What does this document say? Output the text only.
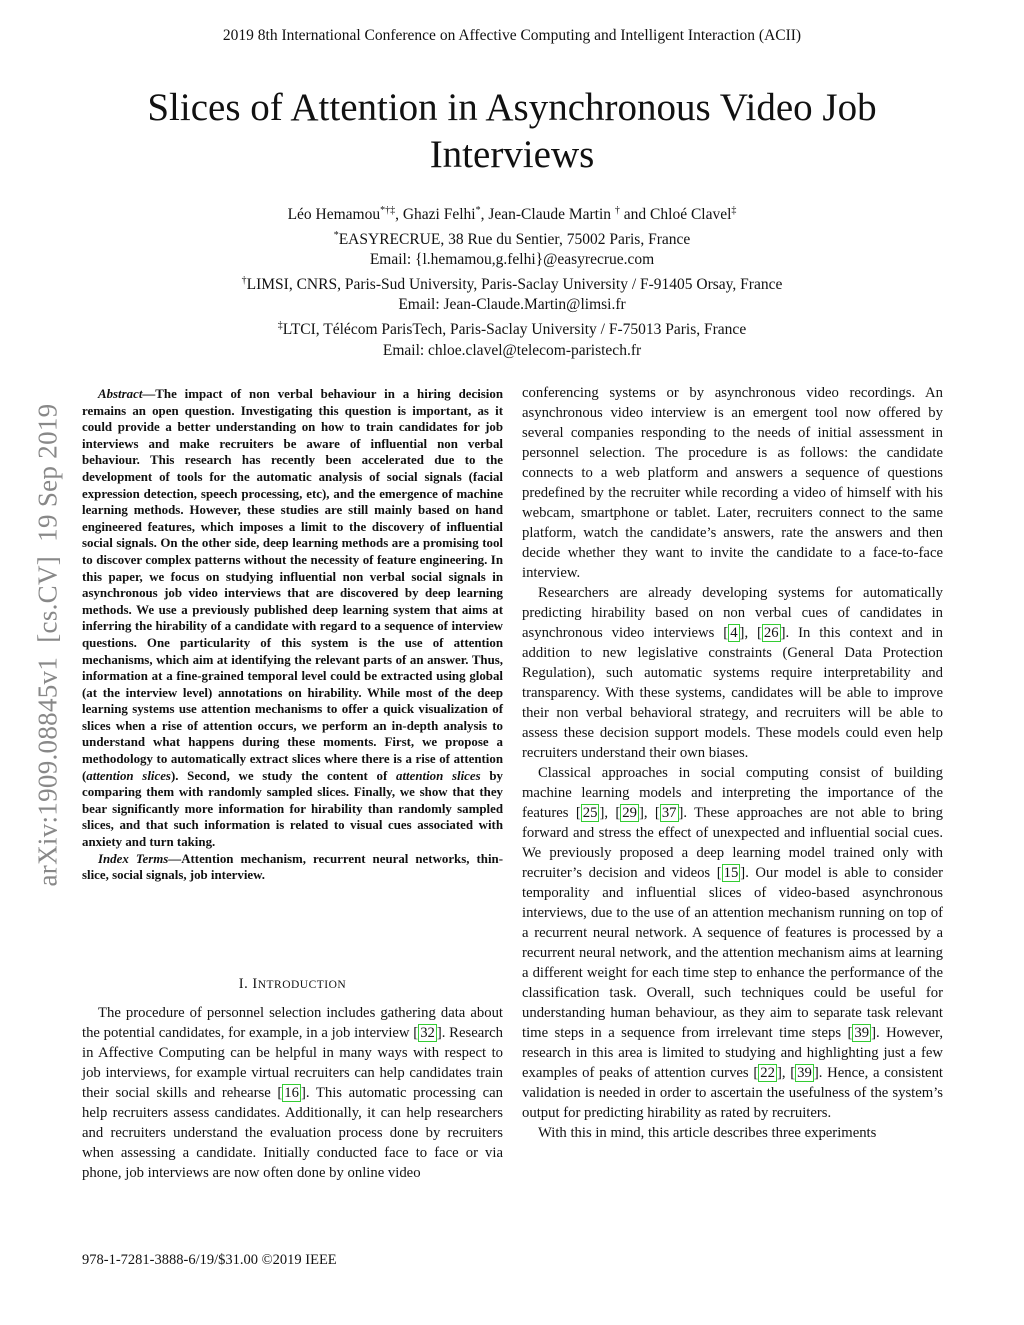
2019 8th International Conference on Affective Computing and Intelligent Interaction (ACII)
Slices of Attention in Asynchronous Video Job Interviews
arXiv:1909.08845v1  [cs.CV]  19 Sep 2019
Léo Hemamou*†‡, Ghazi Felhi*, Jean-Claude Martin † and Chloé Clavel‡
*EASYRECRUE, 38 Rue du Sentier, 75002 Paris, France
Email: {l.hemamou,g.felhi}@easyrecrue.com
†LIMSI, CNRS, Paris-Sud University, Paris-Saclay University / F-91405 Orsay, France
Email: Jean-Claude.Martin@limsi.fr
‡LTCI, Télécom ParisTech, Paris-Saclay University / F-75013 Paris, France
Email: chloe.clavel@telecom-paristech.fr

Abstract—The impact of non verbal behaviour in a hiring decision remains an open question. Investigating this question is important, as it could provide a better understanding on how to train candidates for job interviews and make recruiters be aware of influential non verbal behaviour. This research has recently been accelerated due to the development of tools for the automatic analysis of social signals (facial expression detection, speech processing, etc), and the emergence of machine learning methods. However, these studies are still mainly based on hand engineered features, which imposes a limit to the discovery of influential social signals. On the other side, deep learning methods are a promising tool to discover complex patterns without the necessity of feature engineering. In this paper, we focus on studying influential non verbal social signals in asynchronous job video interviews that are discovered by deep learning methods. We use a previously published deep learning system that aims at inferring the hirability of a candidate with regard to a sequence of interview questions. One particularity of this system is the use of attention mechanisms, which aim at identifying the relevant parts of an answer. Thus, information at a fine-grained temporal level could be extracted using global (at the interview level) annotations on hirability. While most of the deep learning systems use attention mechanisms to offer a quick visualization of slices when a rise of attention occurs, we perform an in-depth analysis to understand what happens during these moments. First, we propose a methodology to automatically extract slices where there is a rise of attention (attention slices). Second, we study the content of attention slices by comparing them with randomly sampled slices. Finally, we show that they bear significantly more information for hirability than randomly sampled slices, and that such information is related to visual cues associated with anxiety and turn taking.

Index Terms—Attention mechanism, recurrent neural networks, thin-slice, social signals, job interview.

I. INTRODUCTION

The procedure of personnel selection includes gathering data about the potential candidates, for example, in a job interview [ 32 ]. Research in Affective Computing can be helpful in many ways with respect to job interviews, for example virtual recruiters can help candidates train their social skills and rehearse [ 16 ]. This automatic processing can help recruiters assess candidates. Additionally, it can help researchers and recruiters understand the evaluation process done by recruiters when assessing a candidate. Initially conducted face to face or via phone, job interviews are now often done by online video

conferencing systems or by asynchronous video recordings. An asynchronous video interview is an emergent tool now offered by several companies responding to the needs of initial assessment in personnel selection. The procedure is as follows: the candidate connects to a web platform and answers a sequence of questions predefined by the recruiter while recording a video of himself with his webcam, smartphone or tablet. Later, recruiters connect to the same platform, watch the candidate’s answers, rate the answers and then decide whether they want to invite the candidate to a face-to-face interview.

Researchers are already developing systems for automatically predicting hirability based on non verbal cues of candidates in asynchronous video interviews [ 4 ], [ 26 ]. In this context and in addition to new legislative constraints (General Data Protection Regulation), such automatic systems require interpretability and transparency. With these systems, candidates will be able to improve their non verbal behavioral strategy, and recruiters will be able to assess these decision support models. These models could even help recruiters understand their own biases.

Classical approaches in social computing consist of building machine learning models and interpreting the importance of the features [ 25 ], [ 29 ], [ 37 ]. These approaches are not able to bring forward and stress the effect of unexpected and influential social cues. We previously proposed a deep learning model trained only with recruiter’s decision and videos [ 15 ]. Our model is able to consider temporality and influential slices of video-based asynchronous interviews, due to the use of an attention mechanism running on top of a recurrent neural network. A sequence of features is processed by a recurrent neural network, and the attention mechanism aims at learning a different weight for each time step to enhance the performance of the classification task. Overall, such techniques could be useful for understanding human behaviour, as they aim to separate task relevant time steps in a sequence from irrelevant time steps [ 39 ]. However, research in this area is limited to studying and highlighting just a few examples of peaks of attention curves [ 22 ], [ 39 ]. Hence, a consistent validation is needed in order to ascertain the usefulness of the system’s output for predicting hirability as rated by recruiters.

With this in mind, this article describes three experiments

978-1-7281-3888-6/19/$31.00 ©2019 IEEE
